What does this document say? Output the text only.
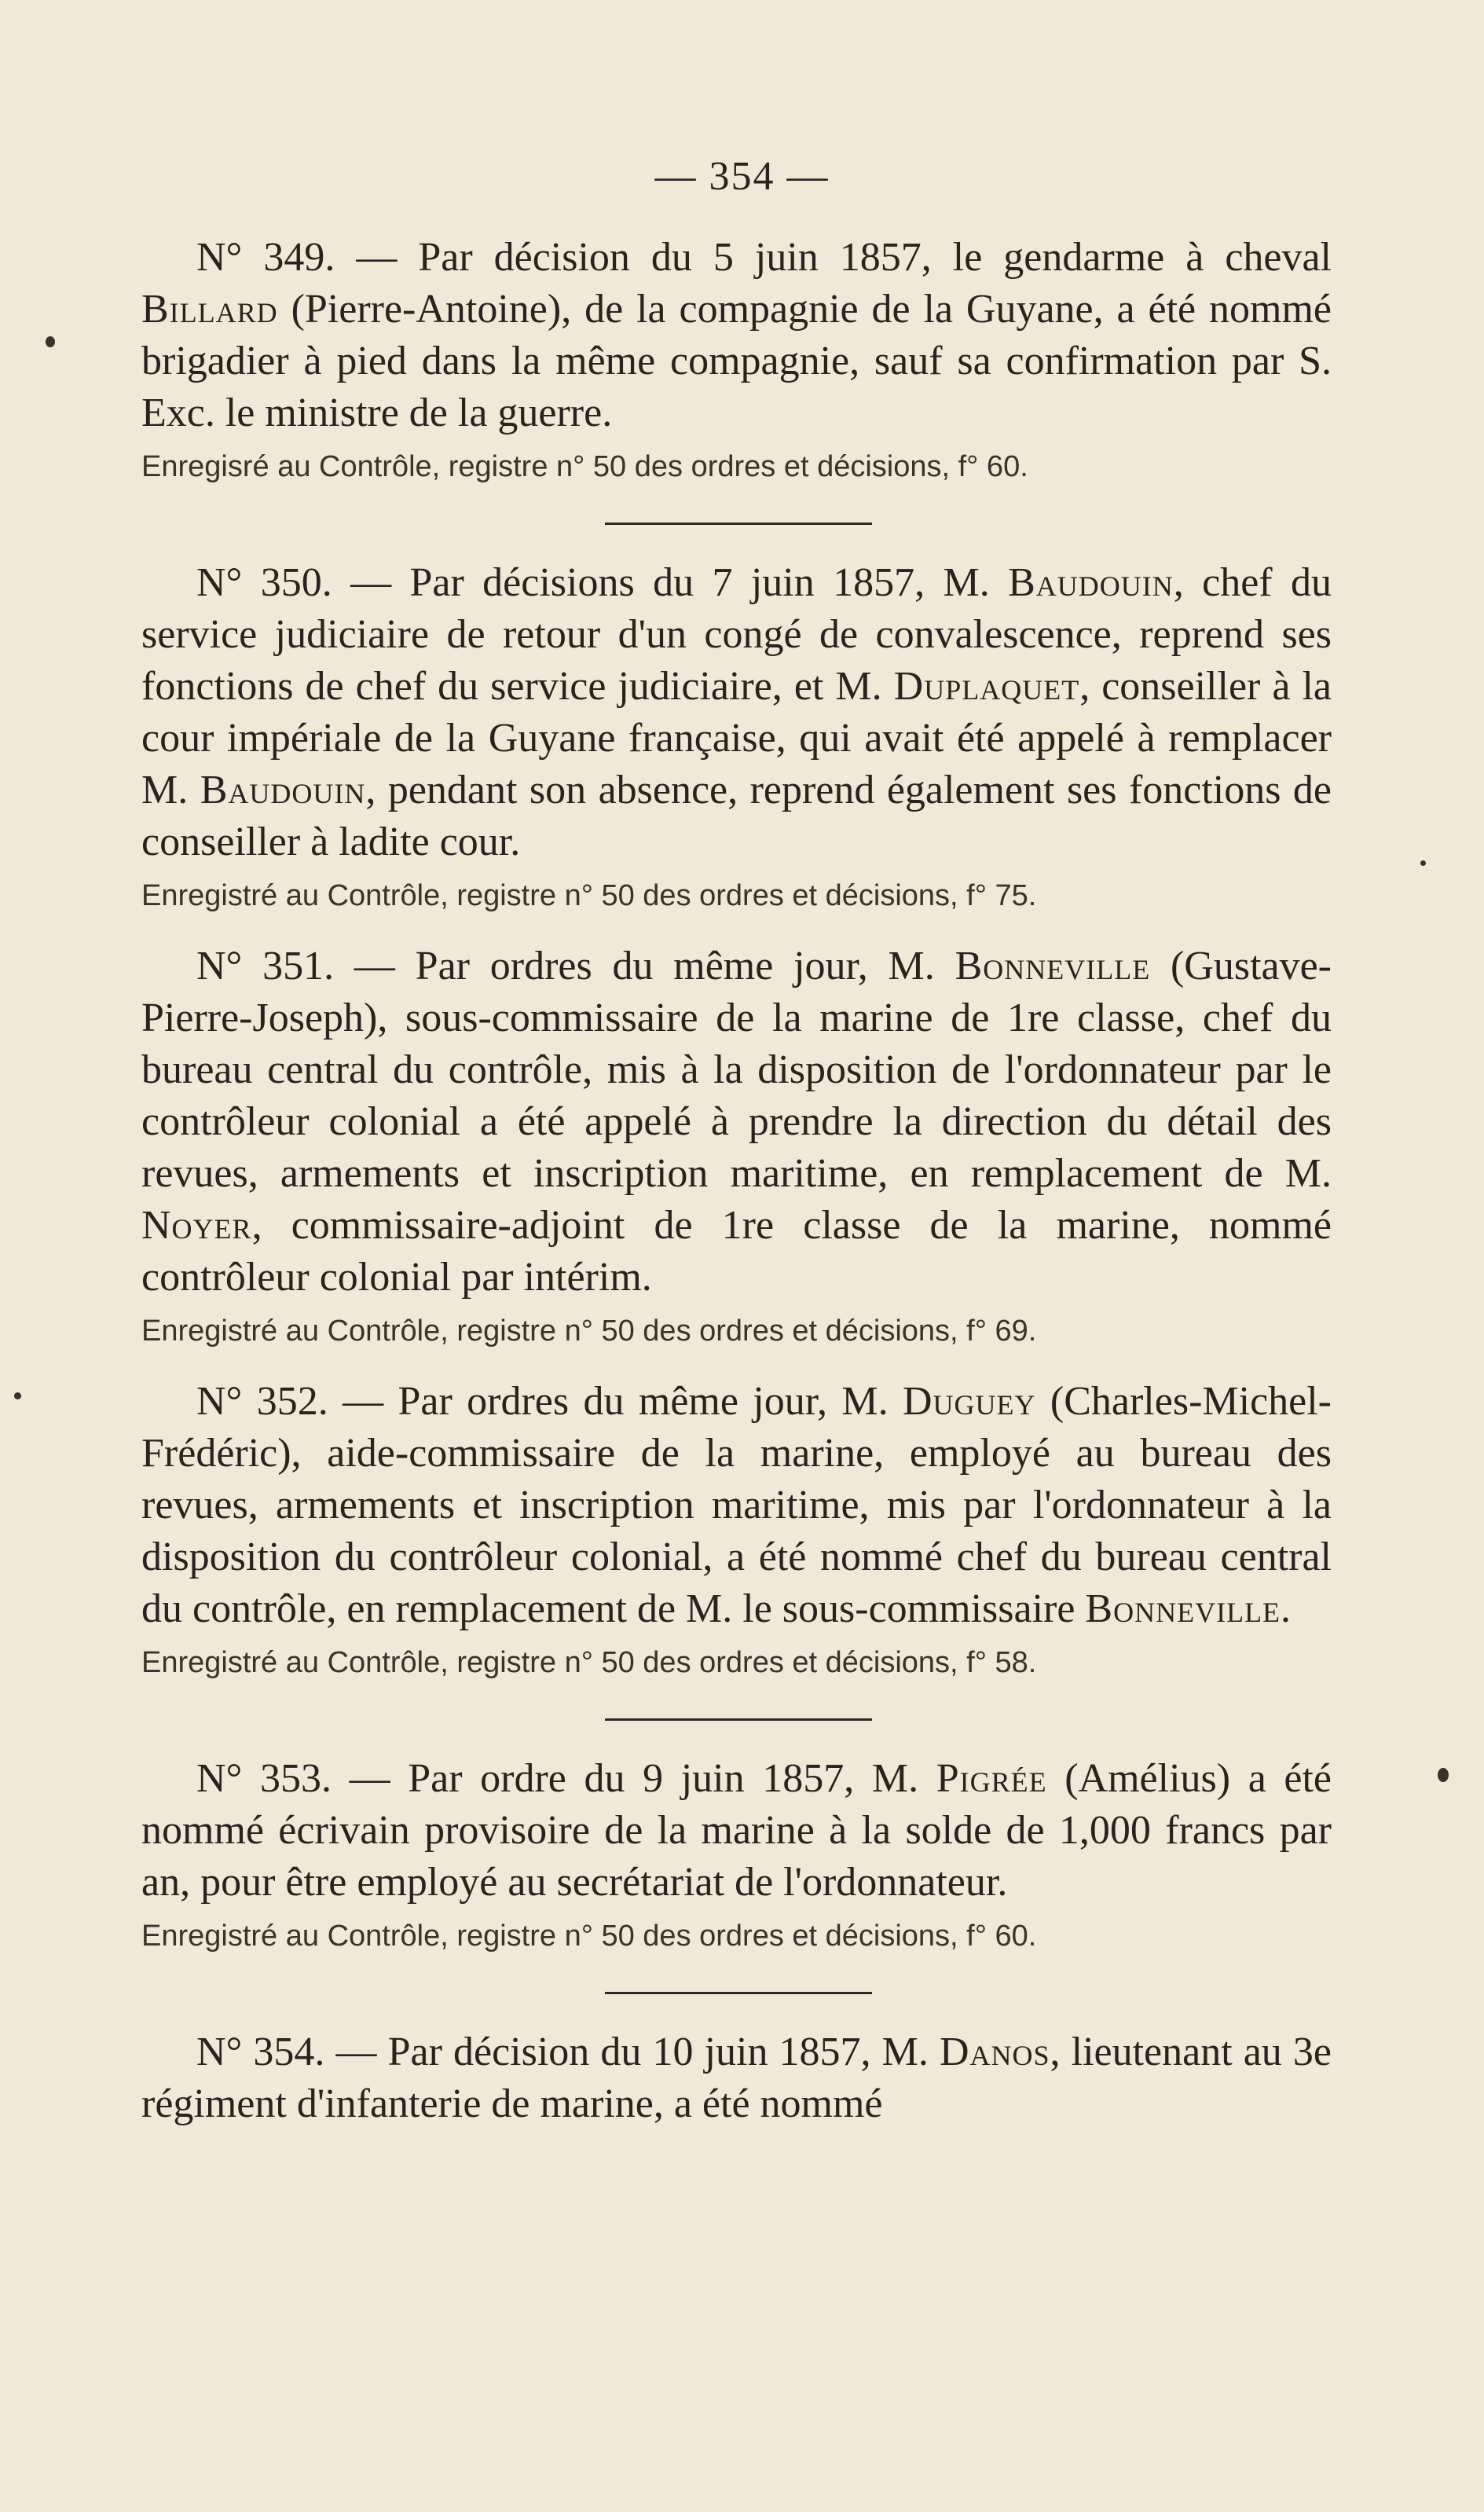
— 354 —

N° 349. — Par décision du 5 juin 1857, le gendarme à cheval Billard (Pierre-Antoine), de la compagnie de la Guyane, a été nommé brigadier à pied dans la même compagnie, sauf sa confirmation par S. Exc. le ministre de la guerre.

Enregisré au Contrôle, registre n° 50 des ordres et décisions, f° 60.

N° 350. — Par décisions du 7 juin 1857, M. Baudouin, chef du service judiciaire de retour d'un congé de convalescence, reprend ses fonctions de chef du service judiciaire, et M. Duplaquet, conseiller à la cour impériale de la Guyane française, qui avait été appelé à remplacer M. Baudouin, pendant son absence, reprend également ses fonctions de conseiller à ladite cour.

Enregistré au Contrôle, registre n° 50 des ordres et décisions, f° 75.

N° 351. — Par ordres du même jour, M. Bonneville (Gustave-Pierre-Joseph), sous-commissaire de la marine de 1re classe, chef du bureau central du contrôle, mis à la disposition de l'ordonnateur par le contrôleur colonial a été appelé à prendre la direction du détail des revues, armements et inscription maritime, en remplacement de M. Noyer, commissaire-adjoint de 1re classe de la marine, nommé contrôleur colonial par intérim.

Enregistré au Contrôle, registre n° 50 des ordres et décisions, f° 69.

N° 352. — Par ordres du même jour, M. Duguey (Charles-Michel-Frédéric), aide-commissaire de la marine, employé au bureau des revues, armements et inscription maritime, mis par l'ordonnateur à la disposition du contrôleur colonial, a été nommé chef du bureau central du contrôle, en remplacement de M. le sous-commissaire Bonneville.

Enregistré au Contrôle, registre n° 50 des ordres et décisions, f° 58.

N° 353. — Par ordre du 9 juin 1857, M. Pigrée (Amélius) a été nommé écrivain provisoire de la marine à la solde de 1,000 francs par an, pour être employé au secrétariat de l'ordonnateur.

Enregistré au Contrôle, registre n° 50 des ordres et décisions, f° 60.

N° 354. — Par décision du 10 juin 1857, M. Danos, lieutenant au 3e régiment d'infanterie de marine, a été nommé
